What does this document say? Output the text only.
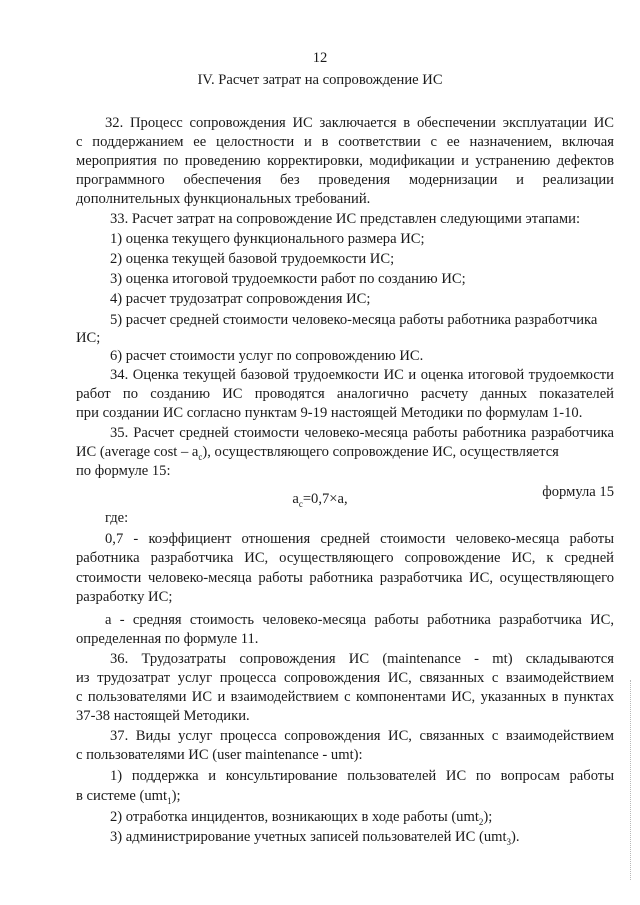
12
IV. Расчет затрат на сопровождение ИС
32. Процесс сопровождения ИС заключается в обеспечении эксплуатации ИС
с поддержанием ее целостности и в соответствии с ее назначением, включая
мероприятия по проведению корректировки, модификации и устранению дефектов
программного обеспечения без проведения модернизации и реализации
дополнительных функциональных требований.
33. Расчет затрат на сопровождение ИС представлен следующими этапами:
1) оценка текущего функционального размера ИС;
2) оценка текущей базовой трудоемкости ИС;
3) оценка итоговой трудоемкости работ по созданию ИС;
4) расчет трудозатрат сопровождения ИС;
5) расчет средней стоимости человеко-месяца работы работника разработчика
ИС;
6) расчет стоимости услуг по сопровождению ИС.
34. Оценка текущей базовой трудоемкости ИС и оценка итоговой трудоемкости
работ по созданию ИС проводятся аналогично расчету данных показателей
при создании ИС согласно пунктам 9-19 настоящей Методики по формулам 1-10.
35. Расчет средней стоимости человеко-месяца работы работника разработчика
ИС (average cost – $a_c$), осуществляющего сопровождение ИС, осуществляется
по формуле 15:
формула 15
$a_c=0,7\times a$,
где:
0,7 - коэффициент отношения средней стоимости человеко-месяца работы
работника разработчика ИС, осуществляющего сопровождение ИС, к средней
стоимости человеко-месяца работы работника разработчика ИС, осуществляющего
разработку ИС;
а - средняя стоимость человеко-месяца работы работника разработчика ИС,
определенная по формуле 11.
36. Трудозатраты сопровождения ИС (maintenance - mt) складываются
из трудозатрат услуг процесса сопровождения ИС, связанных с взаимодействием
с пользователями ИС и взаимодействием с компонентами ИС, указанных в пунктах
37-38 настоящей Методики.
37. Виды услуг процесса сопровождения ИС, связанных с взаимодействием
с пользователями ИС (user maintenance - umt):
1) поддержка и консультирование пользователей ИС по вопросам работы
в системе (umt$_1$);
2) отработка инцидентов, возникающих в ходе работы (umt$_2$);
3) администрирование учетных записей пользователей ИС (umt$_3$).
